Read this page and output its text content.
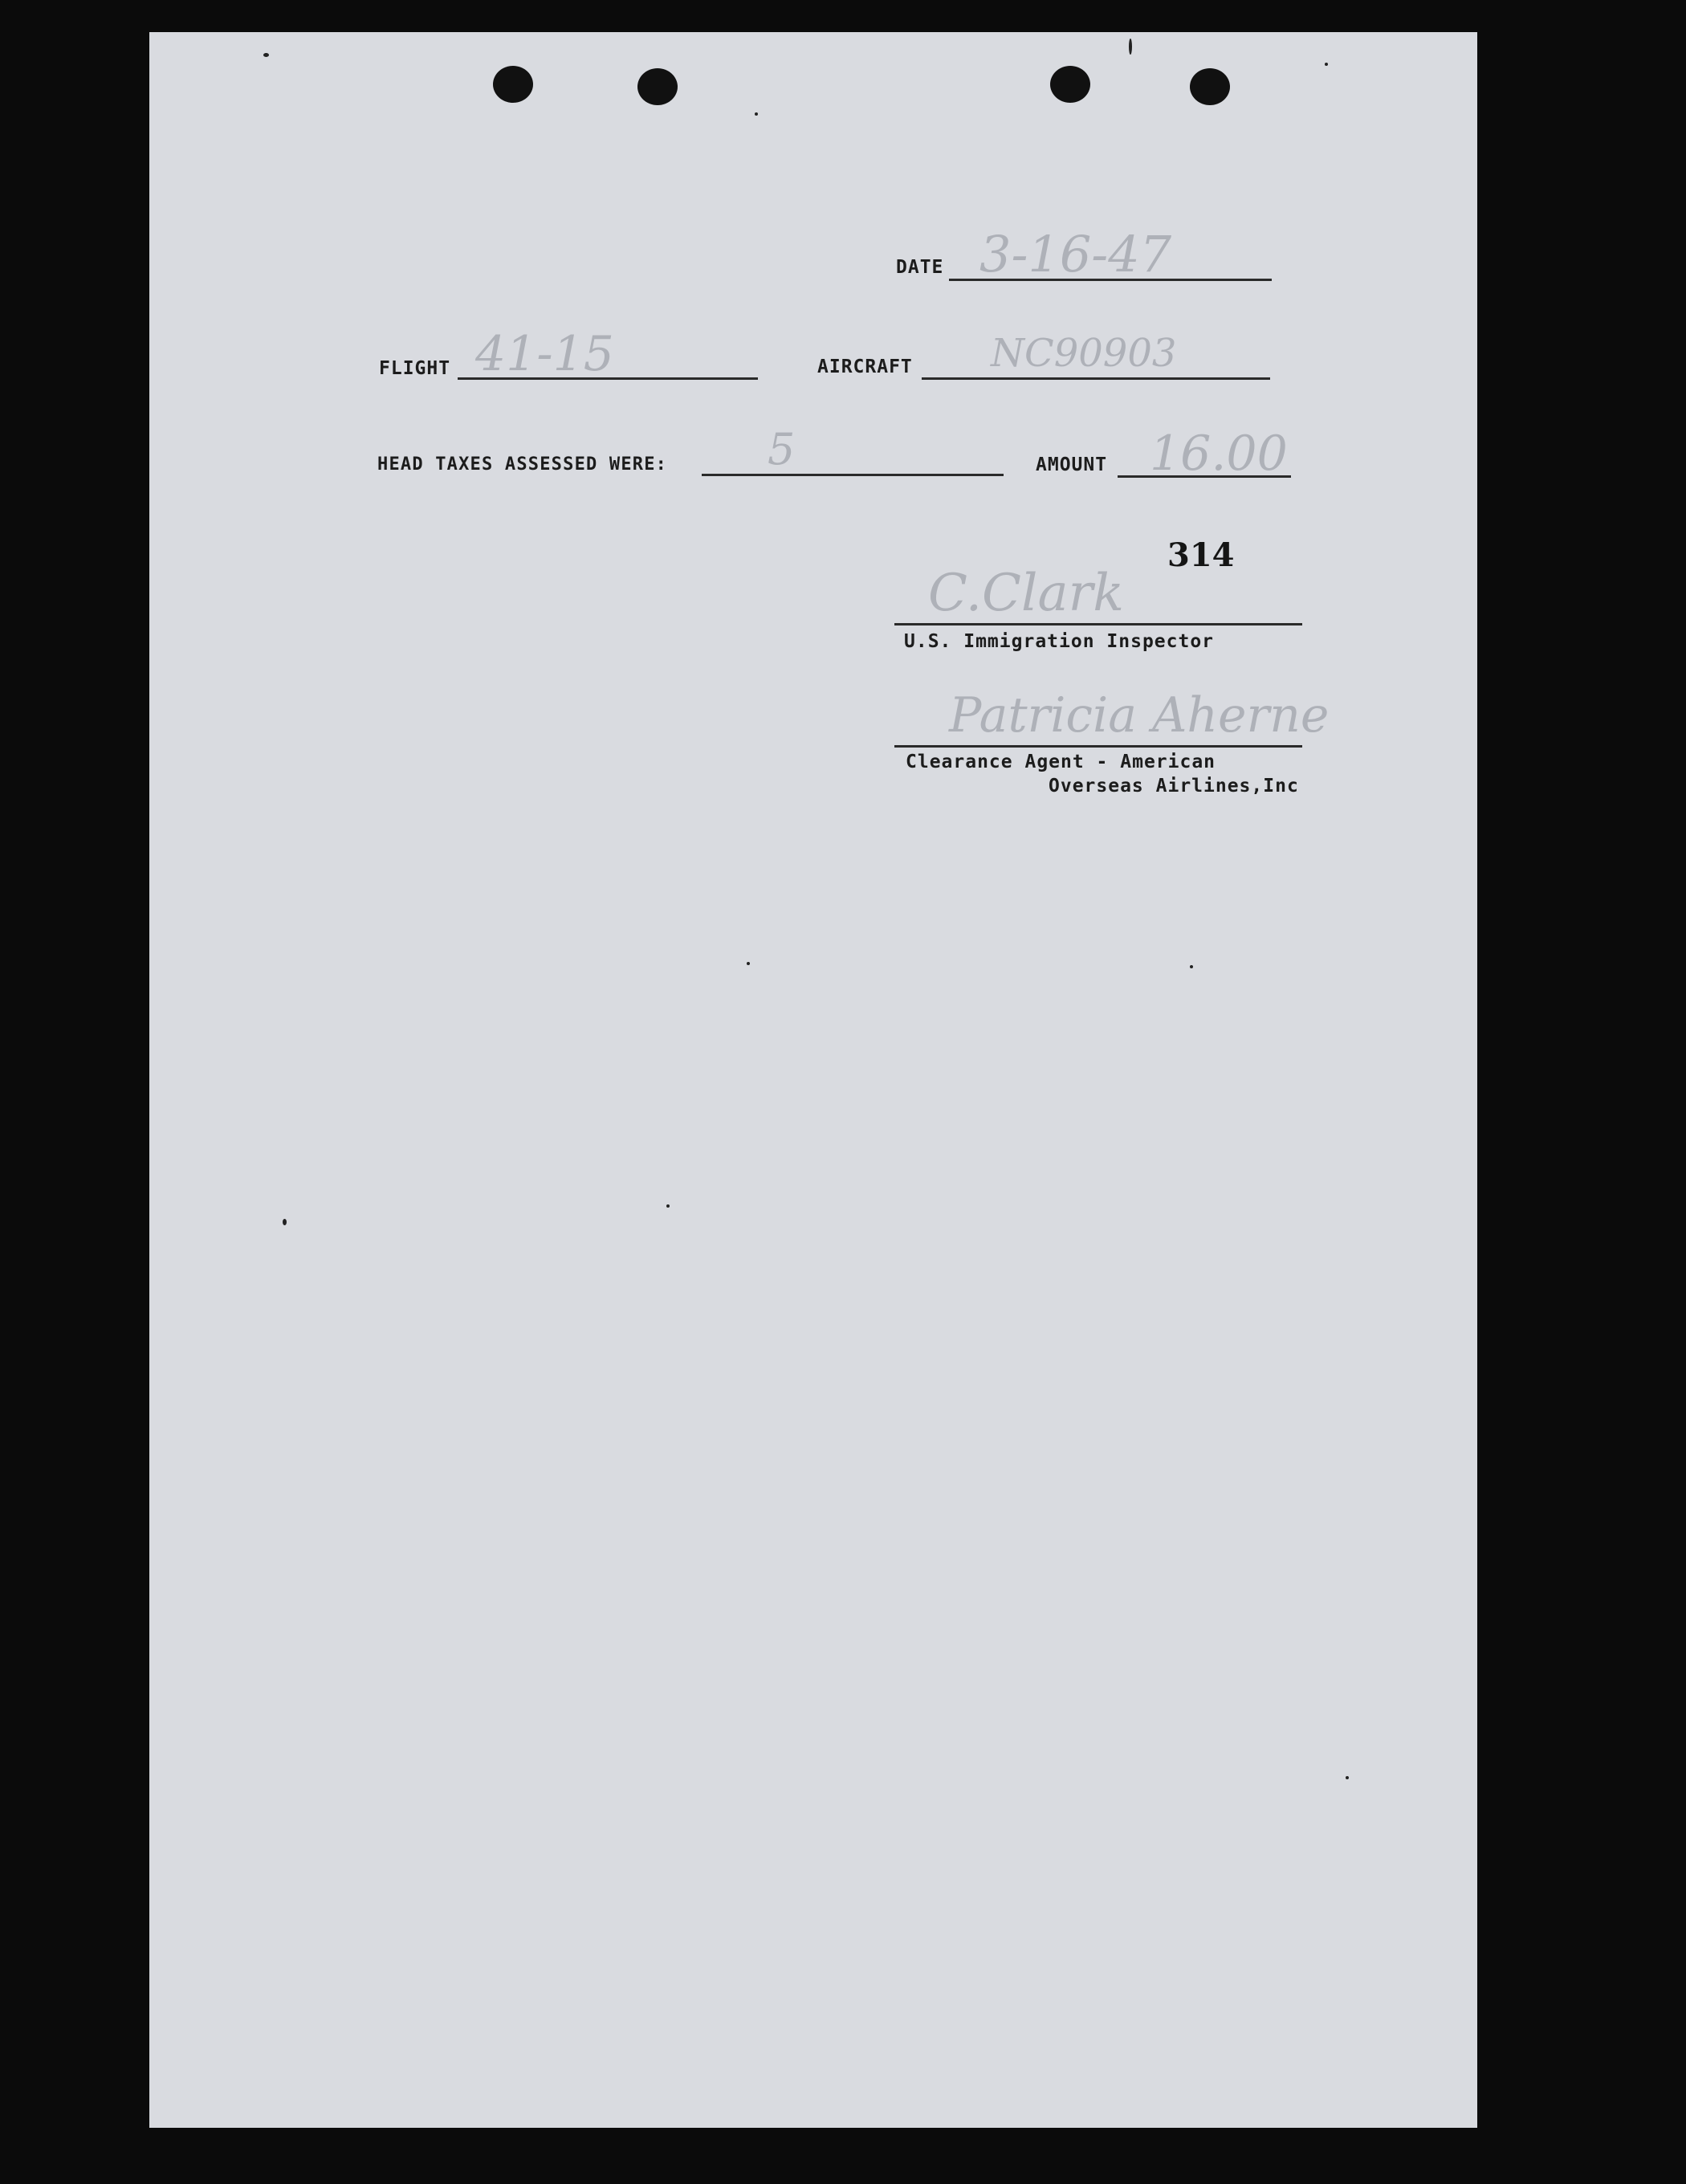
DATE 3-16-47
FLIGHT 41-15	AIRCRAFT NC90903
HEAD TAXES ASSESSED WERE: 5	AMOUNT 16.00
314
C.Clark
U.S. Immigration Inspector
Patricia Aherne
Clearance Agent - American
Overseas Airlines,Inc
